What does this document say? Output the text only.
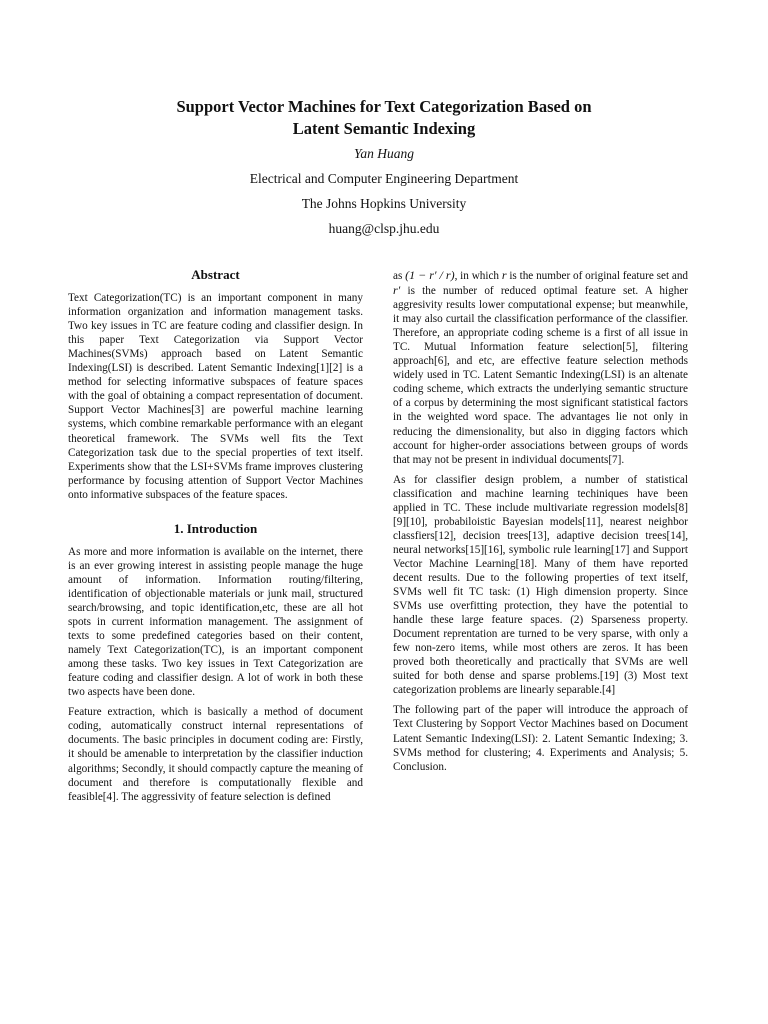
Support Vector Machines for Text Categorization Based on
Latent Semantic Indexing
Yan Huang
Electrical and Computer Engineering Department
The Johns Hopkins University
huang@clsp.jhu.edu
Abstract

Text Categorization(TC) is an important component in many information organization and information management tasks. Two key issues in TC are feature coding and classifier design. In this paper Text Categorization via Support Vector Machines(SVMs) approach based on Latent Semantic Indexing(LSI) is described. Latent Semantic Indexing[1][2] is a method for selecting informative subspaces of feature spaces with the goal of obtaining a compact representation of document. Support Vector Machines[3] are powerful machine learning systems, which combine remarkable performance with an elegant theoretical framework. The SVMs well fits the Text Categorization task due to the special properties of text itself. Experiments show that the LSI+SVMs frame improves clustering performance by focusing attention of Support Vector Machines onto informative subspaces of the feature spaces.

1. Introduction

As more and more information is available on the internet, there is an ever growing interest in assisting people manage the huge amount of information. Information routing/filtering, identification of objectionable materials or junk mail, structured search/browsing, and topic identification,etc, these are all hot spots in current information management. The assignment of texts to some predefined categories based on their content, namely Text Categorization(TC), is an important component among these tasks. Two key issues in Text Categorization are feature coding and classifier design. A lot of work in both these two aspects have been done.

Feature extraction, which is basically a method of document coding, automatically construct internal representations of documents. The basic principles in document coding are: Firstly, it should be amenable to interpretation by the classifier induction algorithms; Secondly, it should compactly capture the meaning of document and therefore is computationally flexible and feasible[4]. The aggressivity of feature selection is defined

as (1 − r′ / r), in which r is the number of original feature set and r′ is the number of reduced optimal feature set. A higher aggresivity results lower computational expense; but meanwhile, it may also curtail the classification performance of the classifier. Therefore, an appropriate coding scheme is a first of all issue in TC. Mutual Information feature selection[5], filtering approach[6], and etc, are effective feature selection methods widely used in TC. Latent Semantic Indexing(LSI) is an altenate coding scheme, which extracts the underlying semantic structure of a corpus by determining the most significant statistical factors in the weighted word space. The advantages lie not only in reducing the dimensionality, but also in digging factors which account for higher-order associations between groups of words that may not be present in individual documents[7].

As for classifier design problem, a number of statistical classification and machine learning techiniques have been applied in TC. These include multivariate regression models[8][9][10], probabiloistic Bayesian models[11], nearest neighbor classfiers[12], decision trees[13], adaptive decision trees[14], neural networks[15][16], symbolic rule learning[17] and Support Vector Machine Learning[18]. Many of them have reported decent results. Due to the following properties of text itself, SVMs well fit TC task: (1) High dimension property. Since SVMs use overfitting protection, they have the potential to handle these large feature spaces. (2) Sparseness property. Document reprentation are turned to be very sparse, with only a few non-zero items, while most others are zeros. It has been proved both theoretically and practically that SVMs are well suited for both dense and sparse problems.[19] (3) Most text categorization problems are linearly separable.[4]

The following part of the paper will introduce the approach of Text Clustering by Sopport Vector Machines based on Document Latent Semantic Indexing(LSI): 2. Latent Semantic Indexing; 3. SVMs method for clustering; 4. Experiments and Analysis; 5. Conclusion.
